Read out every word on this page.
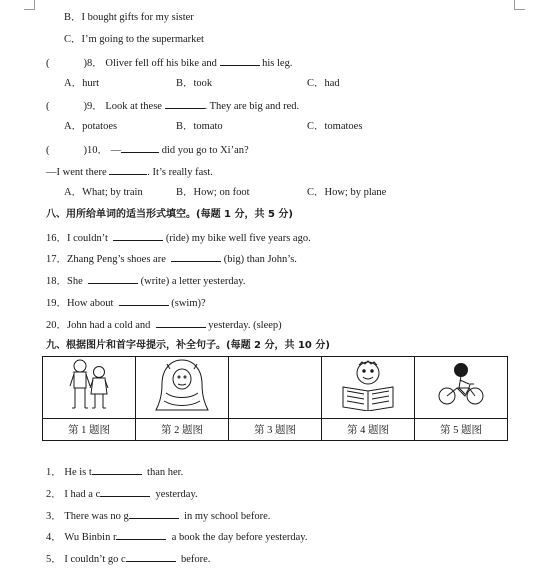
B．I bought gifts for my sister
C．I’m going to the supermarket
(	)8． Oliver fell off his bike and	his leg.
A．hurt	B．took	C．had
(	)9． Look at these	. They are big and red.
A．potatoes	B．tomato	C．tomatoes
(	)10． —	did you go to Xi’an?
—I went there	. It’s really fast.
A．What; by train	B．How; on foot	C．How; by plane
八、用所给单词的适当形式填空。(每题 1 分，共 5 分)
16．I couldn’t	(ride) my bike well five years ago.
17．Zhang Peng’s shoes are	(big) than John’s.
18．She	(write) a letter yesterday.
19．How about	(swim)?
20．John had a cold and	yesterday. (sleep)
九、根据图片和首字母提示，补全句子。(每题 2 分，共 10 分)

第 1 题图	第 2 题图	第 3 题图	第 4 题图	第 5 题图
1． He is t	than her.
2． I had a c	yesterday.
3． There was no g	in my school before.
4． Wu Binbin r	a book the day before yesterday.
5． I couldn’t go c	before.
